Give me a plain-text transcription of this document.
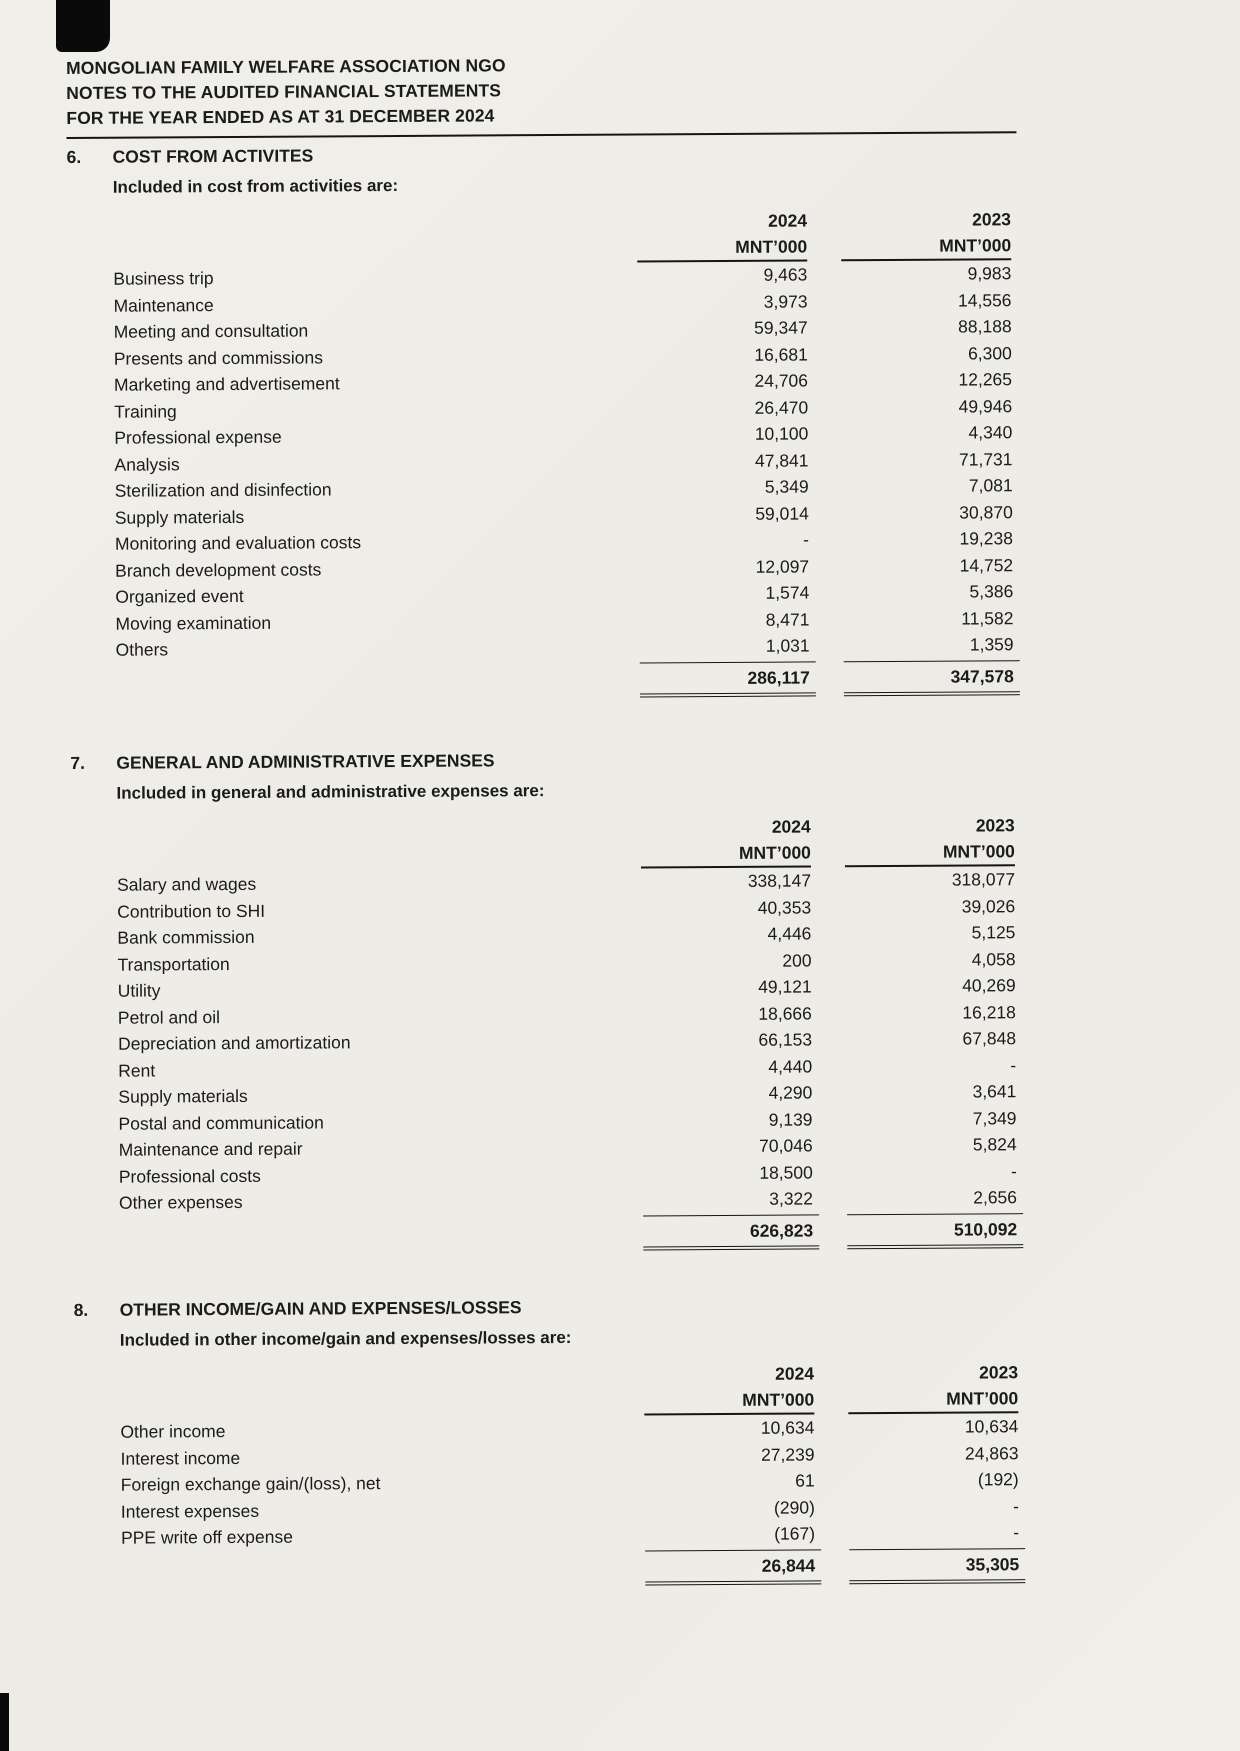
MONGOLIAN FAMILY WELFARE ASSOCIATION NGO
NOTES TO THE AUDITED FINANCIAL STATEMENTS
FOR THE YEAR ENDED AS AT 31 DECEMBER 2024
6.	COST FROM ACTIVITES
Included in cost from activities are:
2024
MNT’000
2023
MNT’000
Business trip	9,463	9,983
Maintenance	3,973	14,556
Meeting and consultation	59,347	88,188
Presents and commissions	16,681	6,300
Marketing and advertisement	24,706	12,265
Training	26,470	49,946
Professional expense	10,100	4,340
Analysis	47,841	71,731
Sterilization and disinfection	5,349	7,081
Supply materials	59,014	30,870
Monitoring and evaluation costs	-	19,238
Branch development costs	12,097	14,752
Organized event	1,574	5,386
Moving examination	8,471	11,582
Others	1,031	1,359
286,117	347,578
7.	GENERAL AND ADMINISTRATIVE EXPENSES
Included in general and administrative expenses are:
2024
MNT’000
2023
MNT’000
Salary and wages	338,147	318,077
Contribution to SHI	40,353	39,026
Bank commission	4,446	5,125
Transportation	200	4,058
Utility	49,121	40,269
Petrol and oil	18,666	16,218
Depreciation and amortization	66,153	67,848
Rent	4,440	-
Supply materials	4,290	3,641
Postal and communication	9,139	7,349
Maintenance and repair	70,046	5,824
Professional costs	18,500	-
Other expenses	3,322	2,656
626,823	510,092
8.	OTHER INCOME/GAIN AND EXPENSES/LOSSES
Included in other income/gain and expenses/losses are:
2024
MNT’000
2023
MNT’000
Other income	10,634	10,634
Interest income	27,239	24,863
Foreign exchange gain/(loss), net	61	(192)
Interest expenses	(290)	-
PPE write off expense	(167)	-
26,844	35,305
